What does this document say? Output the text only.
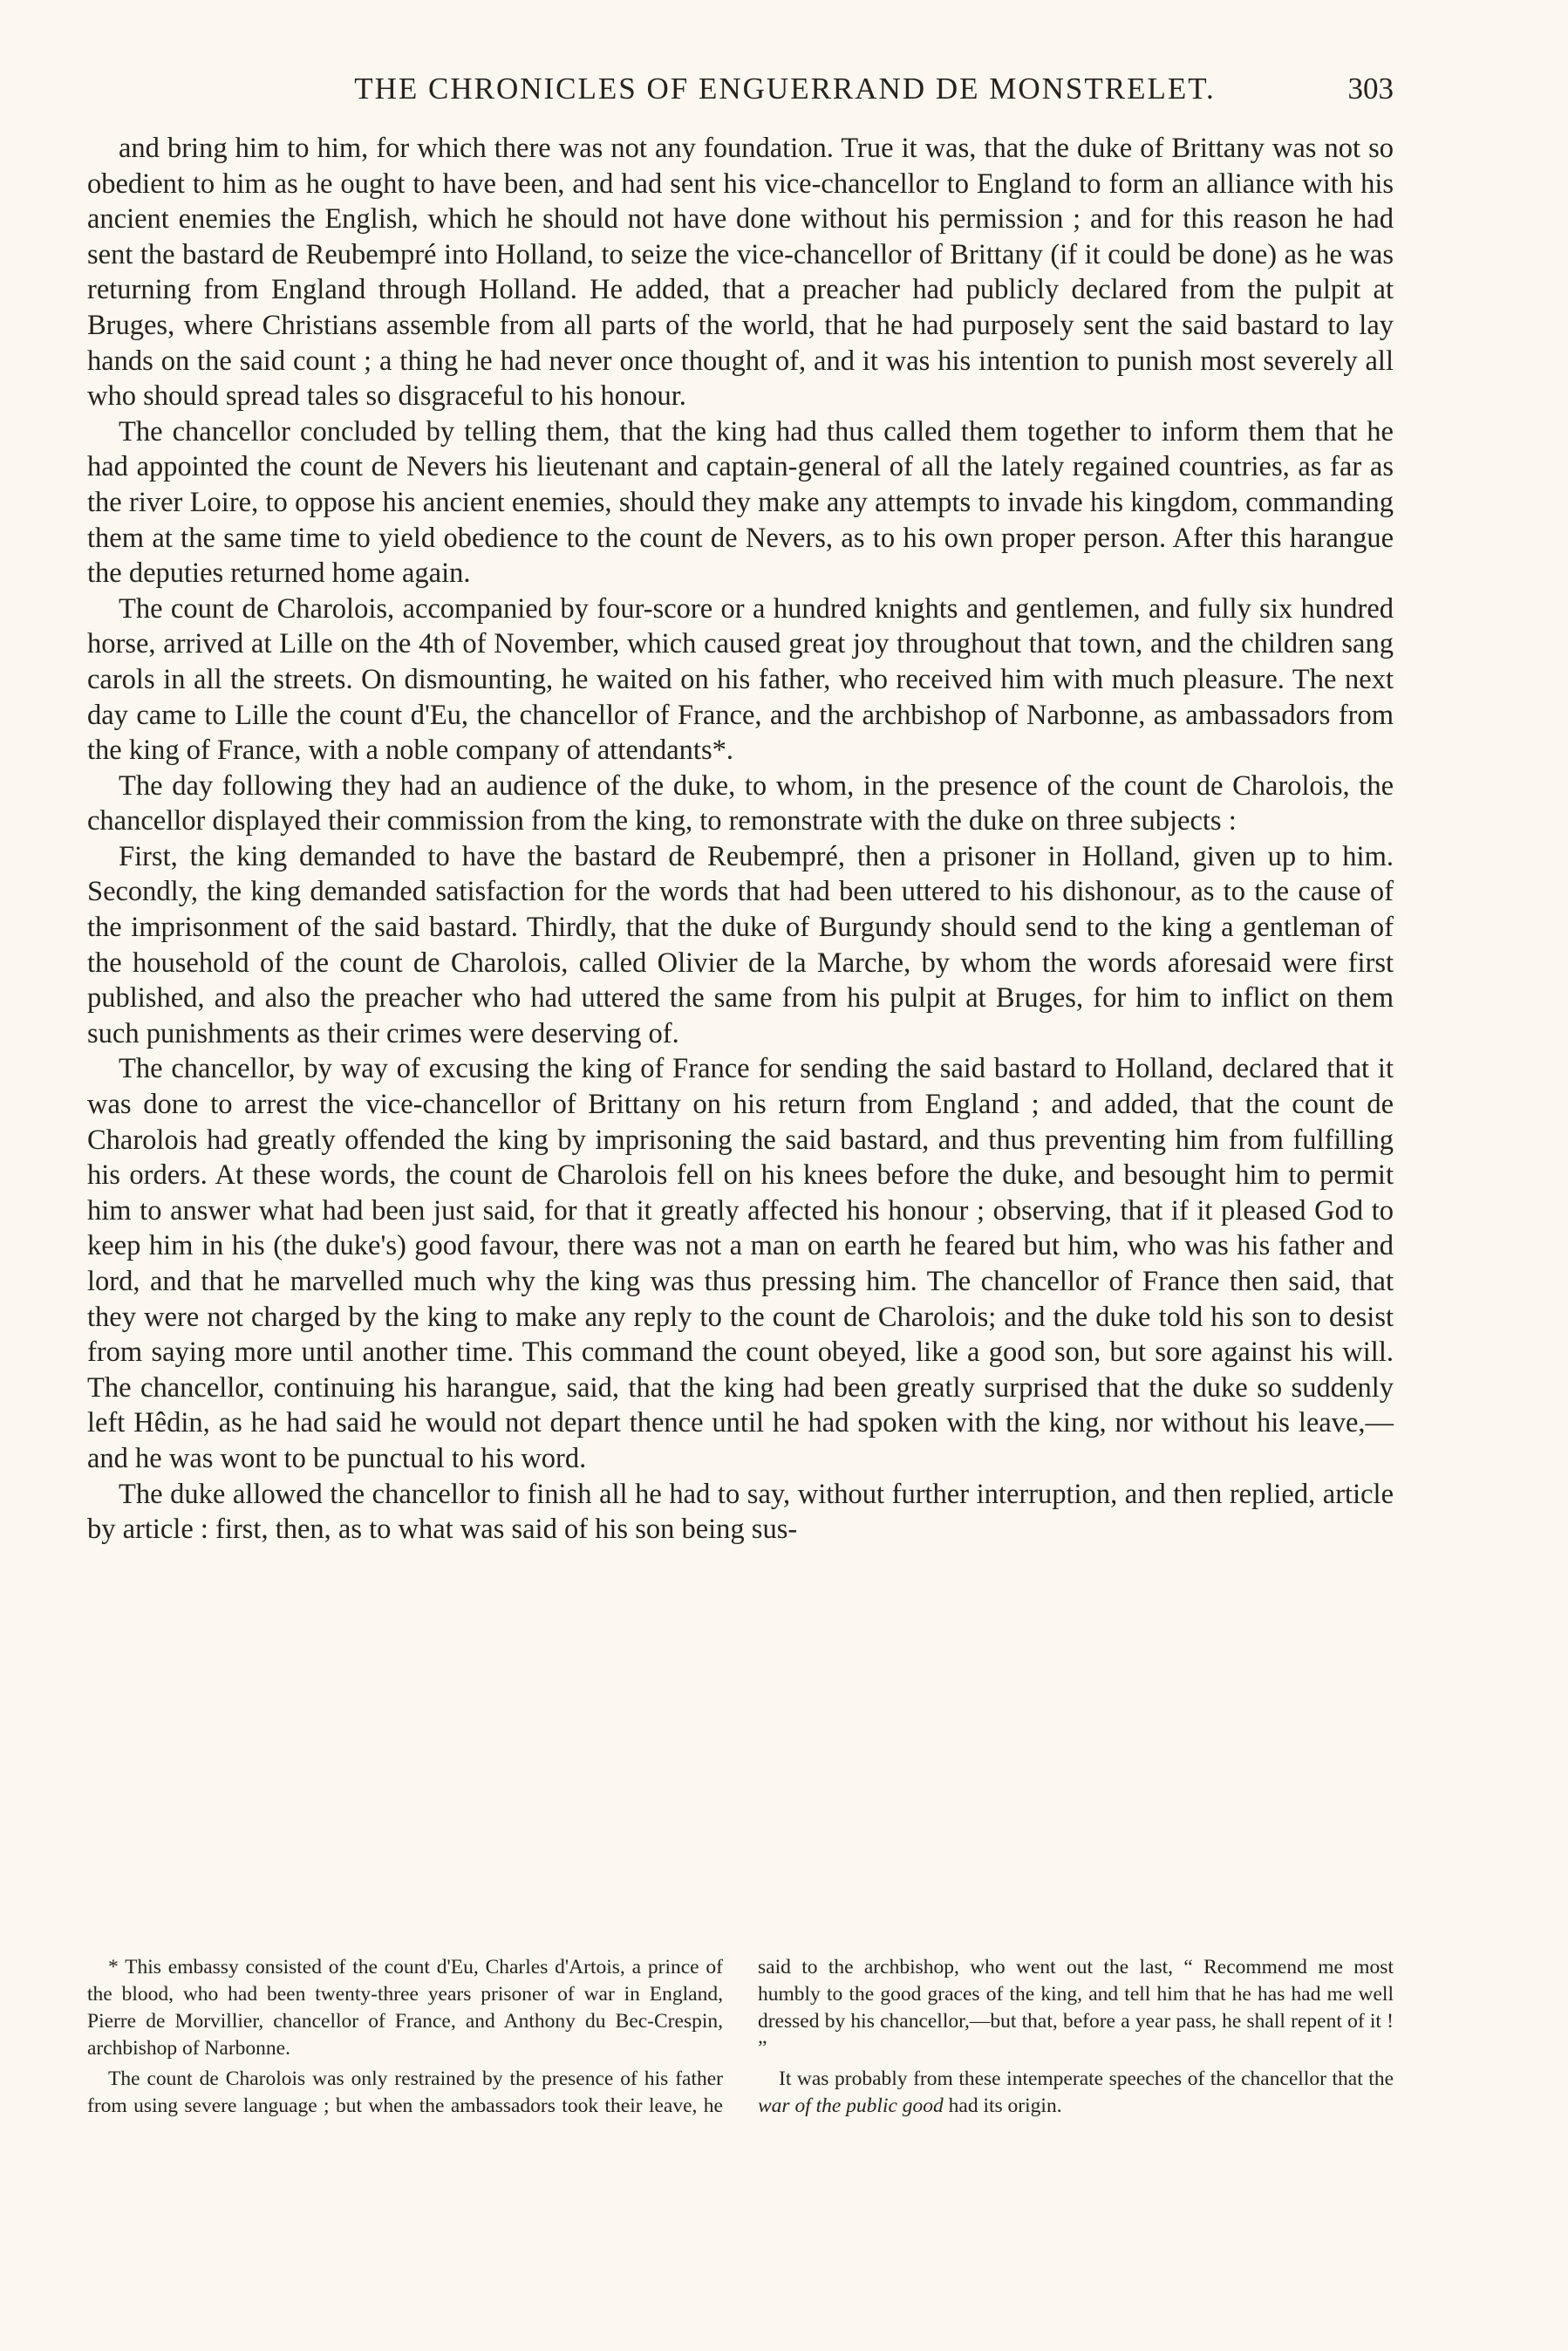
THE CHRONICLES OF ENGUERRAND DE MONSTRELET.	303

and bring him to him, for which there was not any foundation. True it was, that the duke of Brittany was not so obedient to him as he ought to have been, and had sent his vice-chancellor to England to form an alliance with his ancient enemies the English, which he should not have done without his permission ; and for this reason he had sent the bastard de Reubempré into Holland, to seize the vice-chancellor of Brittany (if it could be done) as he was returning from England through Holland. He added, that a preacher had publicly declared from the pulpit at Bruges, where Christians assemble from all parts of the world, that he had purposely sent the said bastard to lay hands on the said count ; a thing he had never once thought of, and it was his intention to punish most severely all who should spread tales so disgraceful to his honour.

The chancellor concluded by telling them, that the king had thus called them together to inform them that he had appointed the count de Nevers his lieutenant and captain-general of all the lately regained countries, as far as the river Loire, to oppose his ancient enemies, should they make any attempts to invade his kingdom, commanding them at the same time to yield obedience to the count de Nevers, as to his own proper person. After this harangue the deputies returned home again.

The count de Charolois, accompanied by four-score or a hundred knights and gentlemen, and fully six hundred horse, arrived at Lille on the 4th of November, which caused great joy throughout that town, and the children sang carols in all the streets. On dismounting, he waited on his father, who received him with much pleasure. The next day came to Lille the count d'Eu, the chancellor of France, and the archbishop of Narbonne, as ambassadors from the king of France, with a noble company of attendants*.

The day following they had an audience of the duke, to whom, in the presence of the count de Charolois, the chancellor displayed their commission from the king, to remonstrate with the duke on three subjects :

First, the king demanded to have the bastard de Reubempré, then a prisoner in Holland, given up to him. Secondly, the king demanded satisfaction for the words that had been uttered to his dishonour, as to the cause of the imprisonment of the said bastard. Thirdly, that the duke of Burgundy should send to the king a gentleman of the household of the count de Charolois, called Olivier de la Marche, by whom the words aforesaid were first published, and also the preacher who had uttered the same from his pulpit at Bruges, for him to inflict on them such punishments as their crimes were deserving of.

The chancellor, by way of excusing the king of France for sending the said bastard to Holland, declared that it was done to arrest the vice-chancellor of Brittany on his return from England ; and added, that the count de Charolois had greatly offended the king by imprisoning the said bastard, and thus preventing him from fulfilling his orders. At these words, the count de Charolois fell on his knees before the duke, and besought him to permit him to answer what had been just said, for that it greatly affected his honour ; observing, that if it pleased God to keep him in his (the duke's) good favour, there was not a man on earth he feared but him, who was his father and lord, and that he marvelled much why the king was thus pressing him. The chancellor of France then said, that they were not charged by the king to make any reply to the count de Charolois; and the duke told his son to desist from saying more until another time. This command the count obeyed, like a good son, but sore against his will. The chancellor, continuing his harangue, said, that the king had been greatly surprised that the duke so suddenly left Hêdin, as he had said he would not depart thence until he had spoken with the king, nor without his leave,—and he was wont to be punctual to his word.

The duke allowed the chancellor to finish all he had to say, without further interruption, and then replied, article by article : first, then, as to what was said of his son being sus-

* This embassy consisted of the count d'Eu, Charles d'Artois, a prince of the blood, who had been twenty-three years prisoner of war in England, Pierre de Morvillier, chancellor of France, and Anthony du Bec-Crespin, archbishop of Narbonne.

The count de Charolois was only restrained by the presence of his father from using severe language ; but when the ambassadors took their leave, he said to the archbishop, who went out the last, “ Recommend me most humbly to the good graces of the king, and tell him that he has had me well dressed by his chancellor,—but that, before a year pass, he shall repent of it ! ”

It was probably from these intemperate speeches of the chancellor that the war of the public good had its origin.
